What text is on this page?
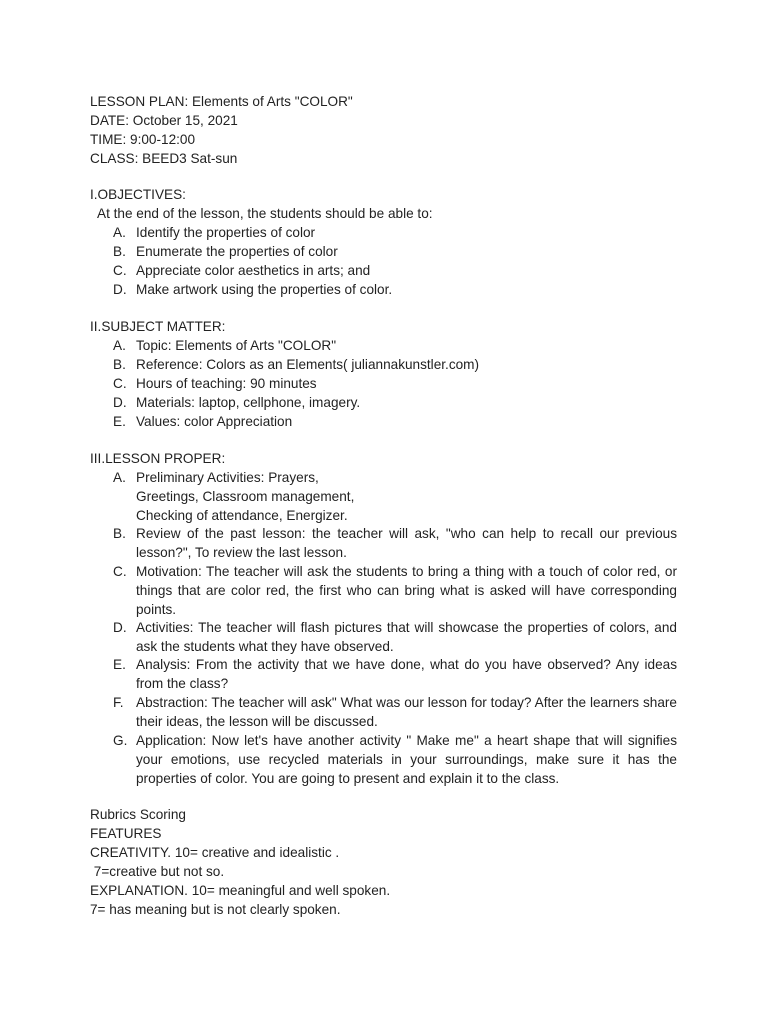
LESSON PLAN: Elements of Arts "COLOR"
DATE: October 15, 2021
TIME: 9:00-12:00
CLASS: BEED3 Sat-sun
I.OBJECTIVES:
At the end of the lesson, the students should be able to:
A. Identify the properties of color
B. Enumerate the properties of color
C. Appreciate color aesthetics in arts; and
D. Make artwork using the properties of color.
II.SUBJECT MATTER:
A. Topic: Elements of Arts "COLOR"
B. Reference: Colors as an Elements( juliannakunstler.com)
C. Hours of teaching: 90 minutes
D. Materials: laptop, cellphone, imagery.
E. Values: color Appreciation
III.LESSON PROPER:
A. Preliminary Activities: Prayers,
Greetings, Classroom management,
Checking of attendance, Energizer.
B. Review of the past lesson: the teacher will ask, "who can help to recall our previous lesson?", To review the last lesson.
C. Motivation: The teacher will ask the students to bring a thing with a touch of color red, or things that are color red, the first who can bring what is asked will have corresponding points.
D. Activities: The teacher will flash pictures that will showcase the properties of colors, and ask the students what they have observed.
E. Analysis: From the activity that we have done, what do you have observed? Any ideas from the class?
F. Abstraction: The teacher will ask" What was our lesson for today? After the learners share their ideas, the lesson will be discussed.
G. Application: Now let's have another activity " Make me" a heart shape that will signifies your emotions, use recycled materials in your surroundings, make sure it has the properties of color. You are going to present and explain it to the class.
Rubrics Scoring
FEATURES
CREATIVITY. 10= creative and idealistic .
7=creative but not so.
EXPLANATION. 10= meaningful and well spoken.
7= has meaning but is not clearly spoken.
